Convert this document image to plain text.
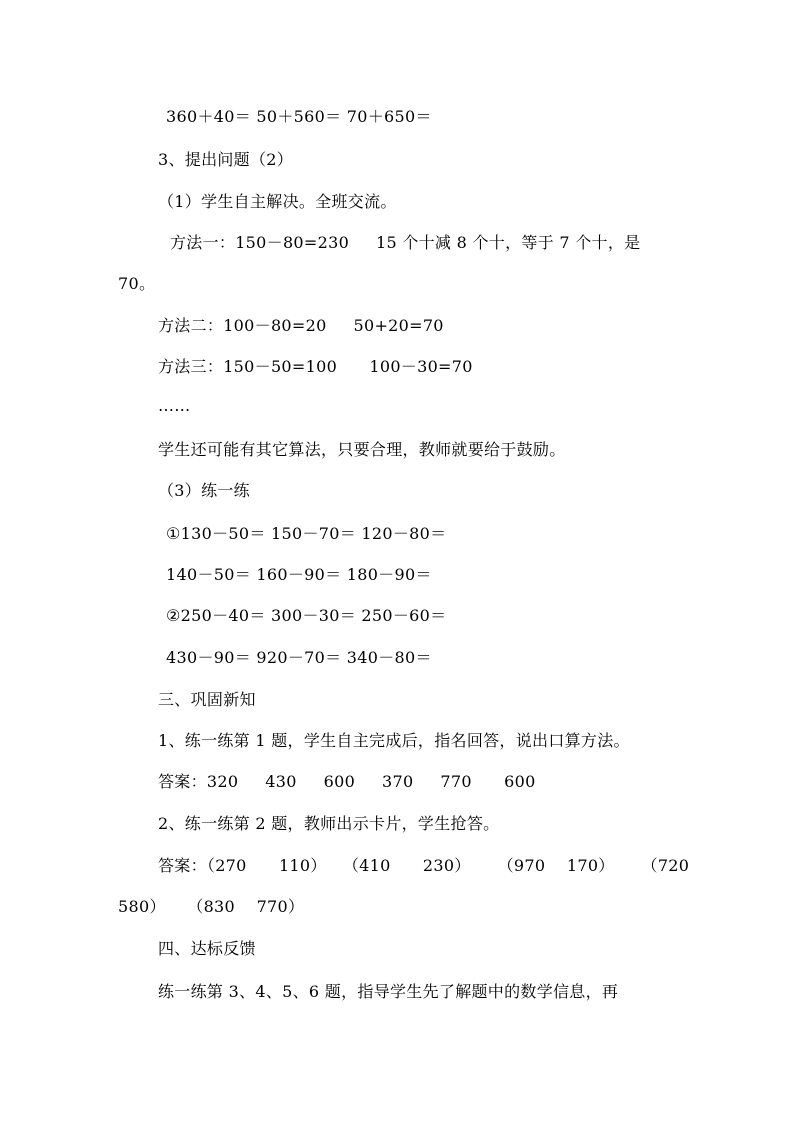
360＋40＝ 50＋560＝ 70＋650＝
3、提出问题（2）
（1）学生自主解决。全班交流。
方法一：150－80=230     15 个十减 8 个十，等于 7 个十，是
70。
方法二：100－80=20     50+20=70
方法三：150－50=100      100－30=70
……
学生还可能有其它算法，只要合理，教师就要给于鼓励。
（3）练一练
①130－50＝ 150－70＝ 120－80＝
140－50＝ 160－90＝ 180－90＝
②250－40＝ 300－30＝ 250－60＝
430－90＝ 920－70＝ 340－80＝
三、巩固新知
1、练一练第 1 题，学生自主完成后，指名回答，说出口算方法。
答案：320     430     600     370     770      600
2、练一练第 2 题，教师出示卡片，学生抢答。
答案：（270      110）   （410      230）     （970    170）     （720
580）    （830    770）
四、达标反馈
练一练第 3、4、5、6 题，指导学生先了解题中的数学信息，再
